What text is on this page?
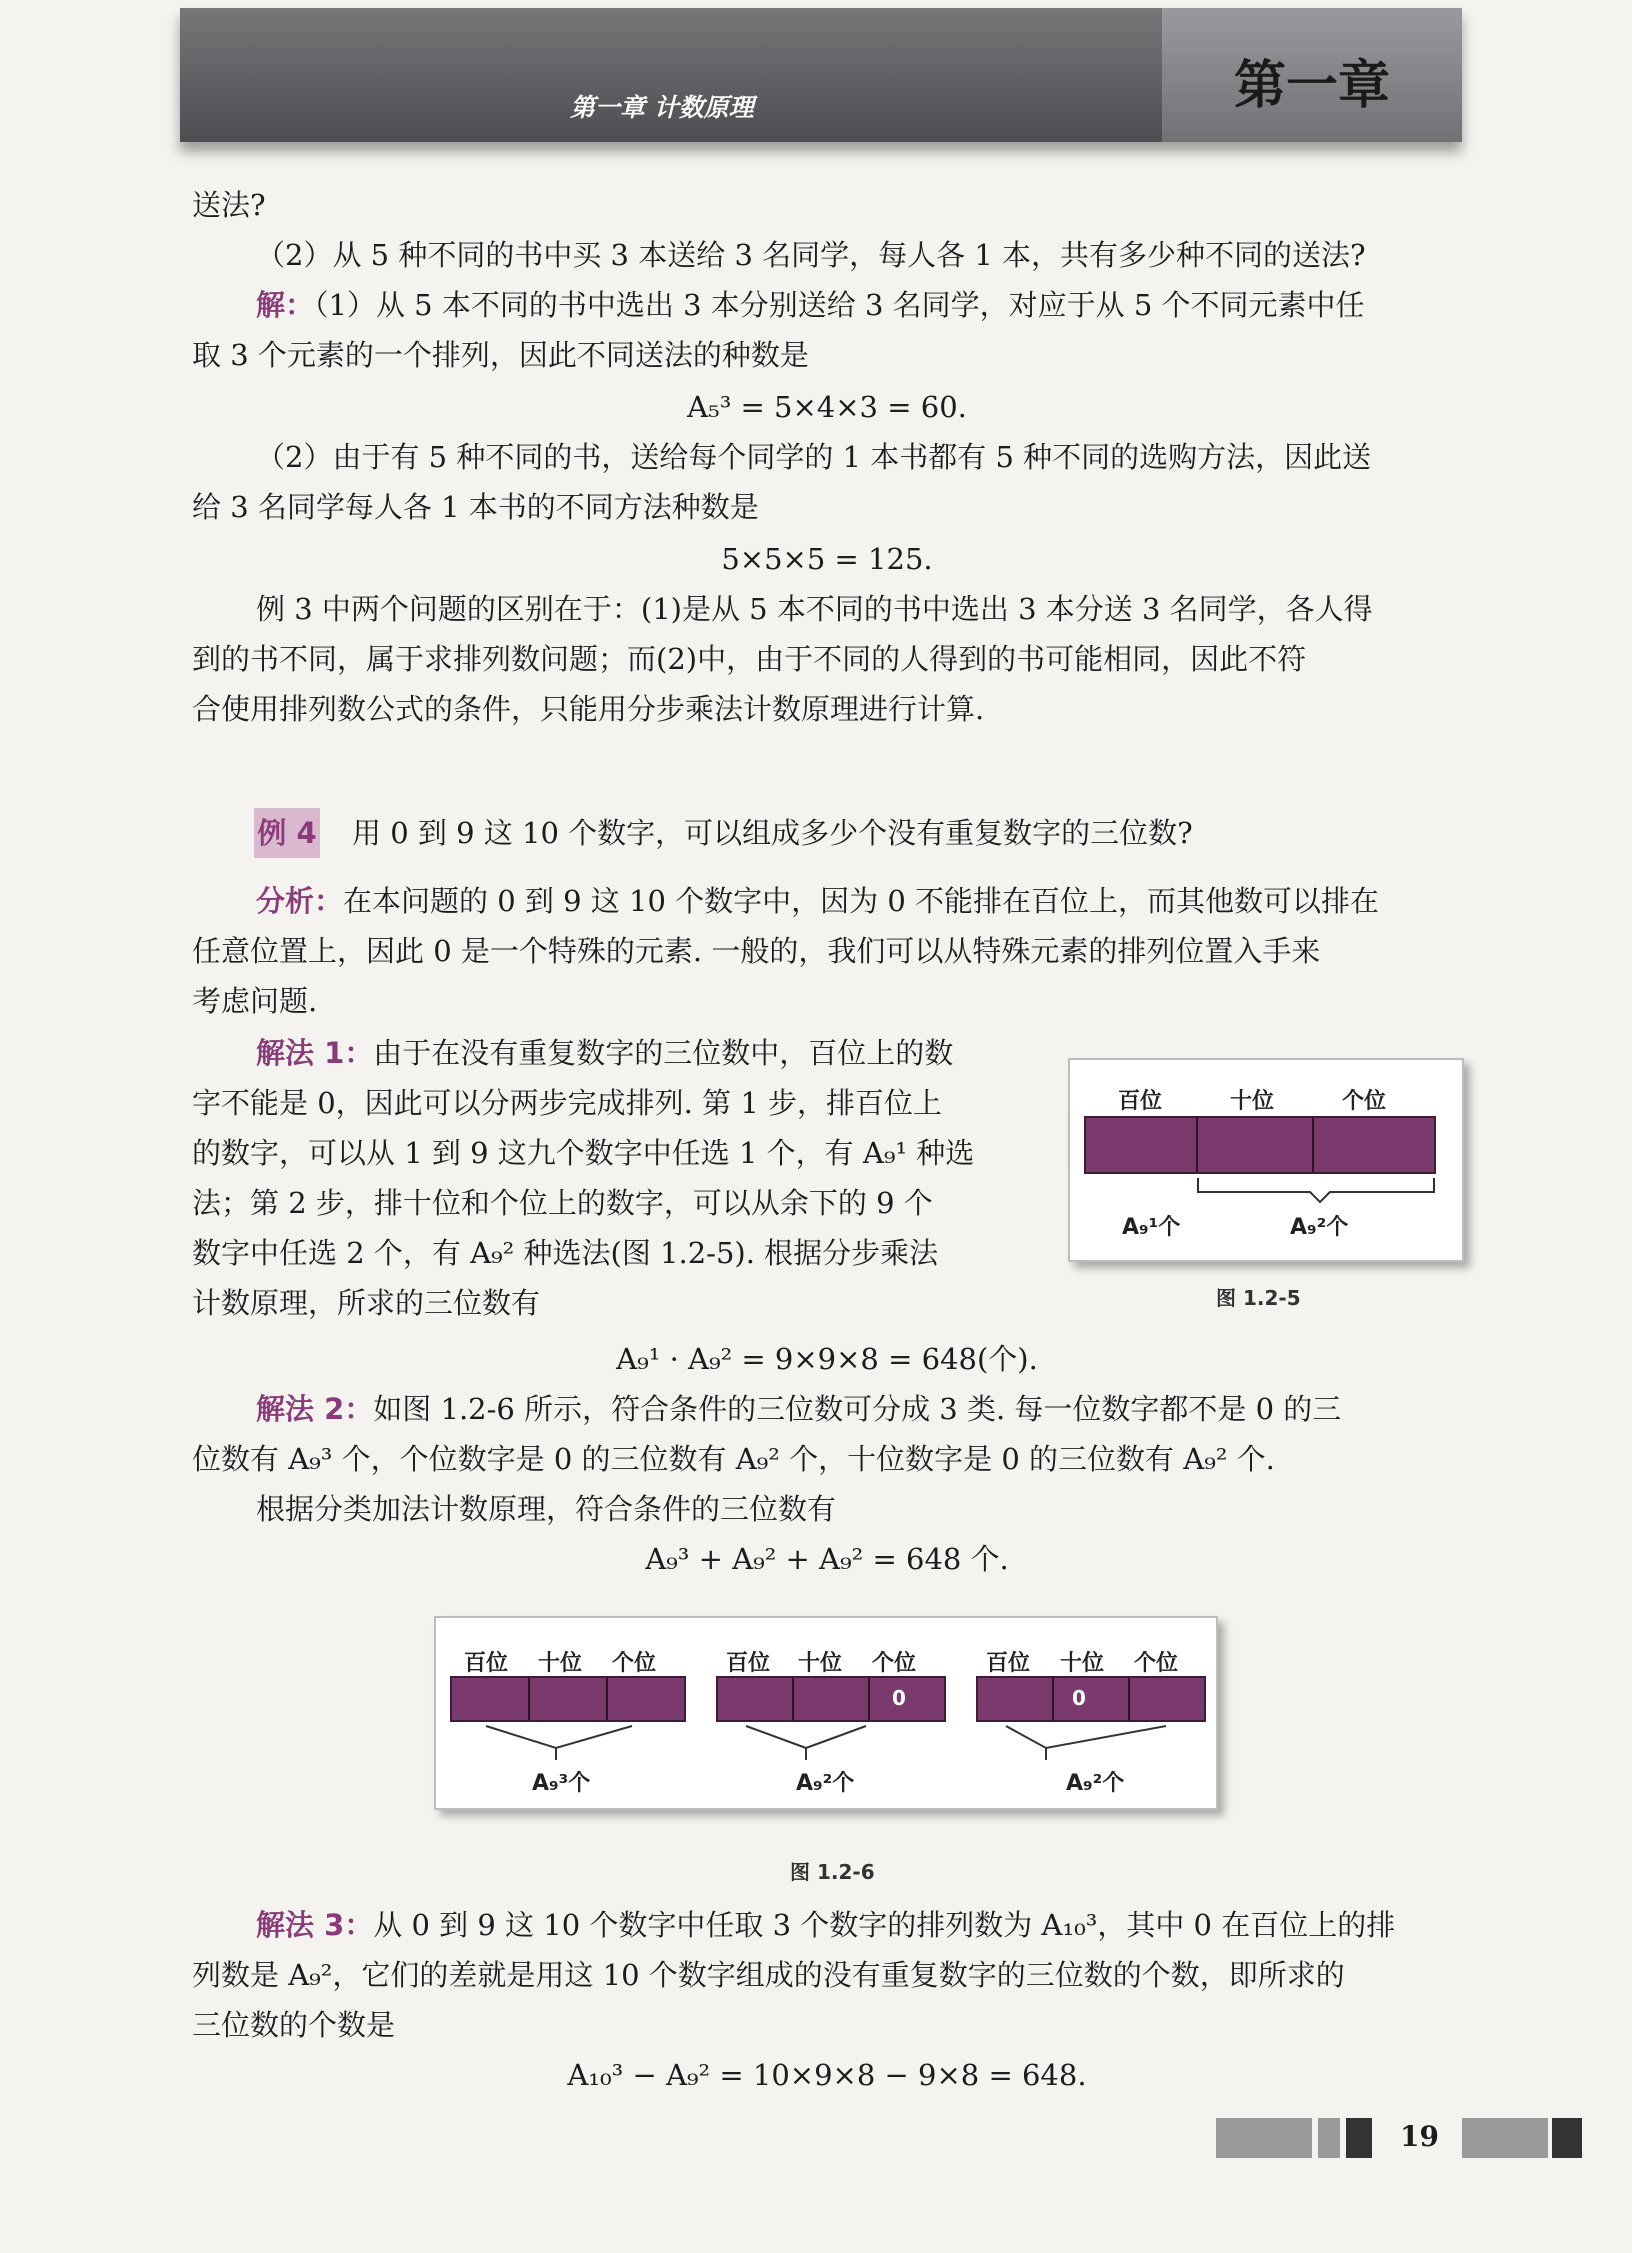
第一章 计数原理	第一章
送法?
（2）从 5 种不同的书中买 3 本送给 3 名同学，每人各 1 本，共有多少种不同的送法?
解：（1）从 5 本不同的书中选出 3 本分别送给 3 名同学，对应于从 5 个不同元素中任
取 3 个元素的一个排列，因此不同送法的种数是
A₅³ = 5×4×3 = 60.
（2）由于有 5 种不同的书，送给每个同学的 1 本书都有 5 种不同的选购方法，因此送
给 3 名同学每人各 1 本书的不同方法种数是
5×5×5 = 125.
例 3 中两个问题的区别在于：(1)是从 5 本不同的书中选出 3 本分送 3 名同学，各人得
到的书不同，属于求排列数问题；而(2)中，由于不同的人得到的书可能相同，因此不符
合使用排列数公式的条件，只能用分步乘法计数原理进行计算.
例 4 用 0 到 9 这 10 个数字，可以组成多少个没有重复数字的三位数?
分析：在本问题的 0 到 9 这 10 个数字中，因为 0 不能排在百位上，而其他数可以排在
任意位置上，因此 0 是一个特殊的元素. 一般的，我们可以从特殊元素的排列位置入手来
考虑问题.
解法 1：由于在没有重复数字的三位数中，百位上的数
字不能是 0，因此可以分两步完成排列. 第 1 步，排百位上
的数字，可以从 1 到 9 这九个数字中任选 1 个，有 A₉¹ 种选
法；第 2 步，排十位和个位上的数字，可以从余下的 9 个
数字中任选 2 个，有 A₉² 种选法(图 1.2-5). 根据分步乘法
计数原理，所求的三位数有
百位	十位	个位
A₉¹个	A₉²个
图 1.2-5
A₉¹ · A₉² = 9×9×8 = 648(个).
解法 2：如图 1.2-6 所示，符合条件的三位数可分成 3 类. 每一位数字都不是 0 的三
位数有 A₉³ 个，个位数字是 0 的三位数有 A₉² 个，十位数字是 0 的三位数有 A₉² 个.
根据分类加法计数原理，符合条件的三位数有
A₉³ + A₉² + A₉² = 648 个.
百位 十位 个位	百位 十位 个位
0
百位 十位 个位
0
A₉³个	A₉²个	A₉²个
图 1.2-6
解法 3：从 0 到 9 这 10 个数字中任取 3 个数字的排列数为 A₁₀³，其中 0 在百位上的排
列数是 A₉²，它们的差就是用这 10 个数字组成的没有重复数字的三位数的个数，即所求的
三位数的个数是
A₁₀³ − A₉² = 10×9×8 − 9×8 = 648.
19
